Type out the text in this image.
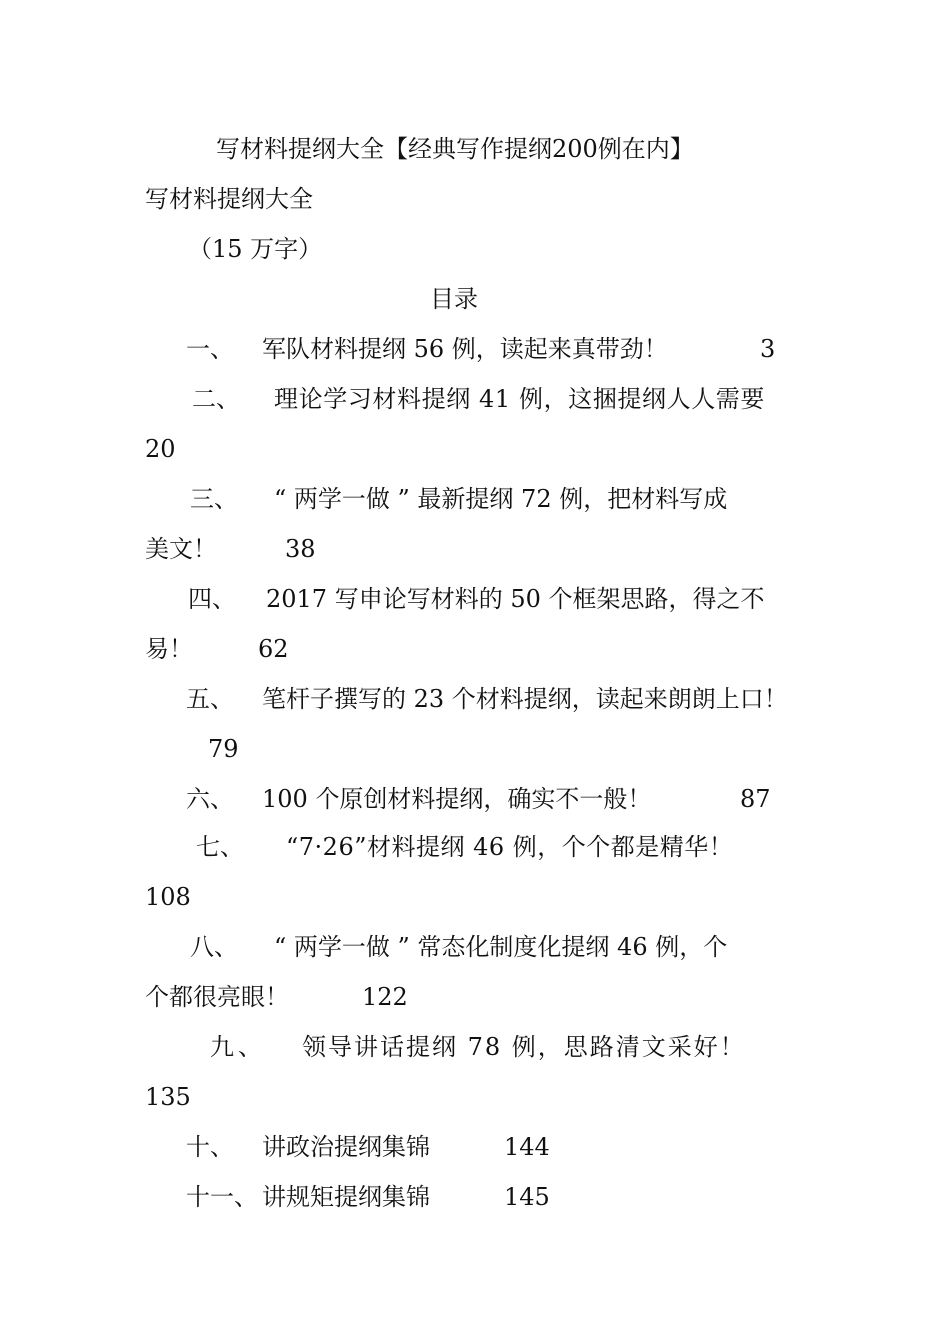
写材料提纲大全【经典写作提纲200例在内】
写材料提纲大全
（15 万字）
目录
一、 军队材料提纲 56 例，读起来真带劲！	3
二、 理论学习材料提纲 41 例，这捆提纲人人需要
20
三、 “ 两学一做 ” 最新提纲 72 例，把材料写成
美文！	38
四、 2017 写申论写材料的 50 个框架思路，得之不
易！	62
五、 笔杆子撰写的 23 个材料提纲，读起来朗朗上口！
79
六、 100 个原创材料提纲，确实不一般！	87
七、 “7·26”材料提纲 46 例，个个都是精华！
108
八、 “ 两学一做 ” 常态化制度化提纲 46 例，个
个都很亮眼！	122
九、 领导讲话提纲 78 例，思路清文采好！
135
十、 讲政治提纲集锦	144
十一、 讲规矩提纲集锦	145
